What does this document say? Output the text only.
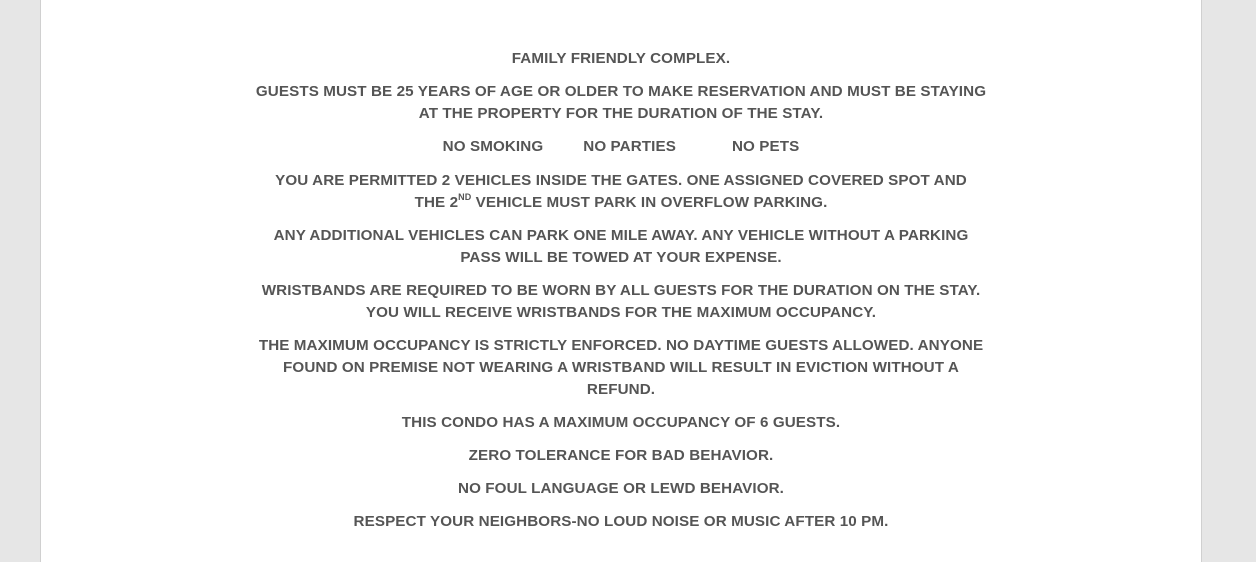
FAMILY FRIENDLY COMPLEX.

GUESTS MUST BE 25 YEARS OF AGE OR OLDER TO MAKE RESERVATION AND MUST BE STAYING AT THE PROPERTY FOR THE DURATION OF THE STAY.

NO SMOKING	NO PARTIES	NO PETS

YOU ARE PERMITTED 2 VEHICLES INSIDE THE GATES. ONE ASSIGNED COVERED SPOT AND THE 2ND VEHICLE MUST PARK IN OVERFLOW PARKING.

ANY ADDITIONAL VEHICLES CAN PARK ONE MILE AWAY. ANY VEHICLE WITHOUT A PARKING PASS WILL BE TOWED AT YOUR EXPENSE.

WRISTBANDS ARE REQUIRED TO BE WORN BY ALL GUESTS FOR THE DURATION ON THE STAY. YOU WILL RECEIVE WRISTBANDS FOR THE MAXIMUM OCCUPANCY.

THE MAXIMUM OCCUPANCY IS STRICTLY ENFORCED. NO DAYTIME GUESTS ALLOWED. ANYONE FOUND ON PREMISE NOT WEARING A WRISTBAND WILL RESULT IN EVICTION WITHOUT A REFUND.

THIS CONDO HAS A MAXIMUM OCCUPANCY OF 6 GUESTS.

ZERO TOLERANCE FOR BAD BEHAVIOR.

NO FOUL LANGUAGE OR LEWD BEHAVIOR.

RESPECT YOUR NEIGHBORS-NO LOUD NOISE OR MUSIC AFTER 10 PM.
